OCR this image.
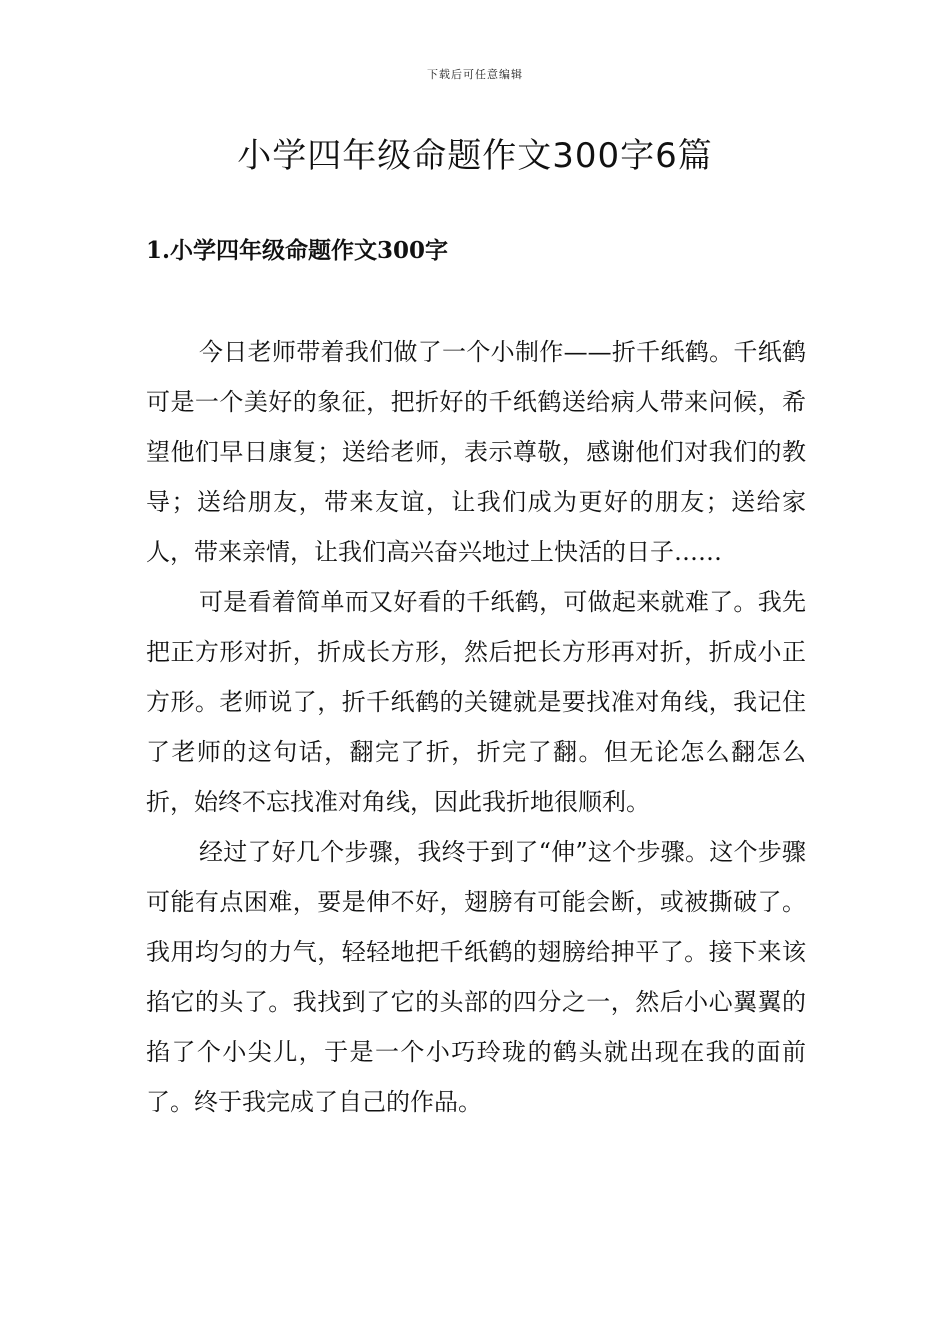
下载后可任意编辑
小学四年级命题作文300字6篇
1.小学四年级命题作文300字

今日老师带着我们做了一个小制作——折千纸鹤。千纸鹤可是一个美好的象征，把折好的千纸鹤送给病人带来问候，希望他们早日康复；送给老师，表示尊敬，感谢他们对我们的教导；送给朋友，带来友谊，让我们成为更好的朋友；送给家人，带来亲情，让我们高兴奋兴地过上快活的日子……

可是看着简单而又好看的千纸鹤，可做起来就难了。我先把正方形对折，折成长方形，然后把长方形再对折，折成小正方形。老师说了，折千纸鹤的关键就是要找准对角线，我记住了老师的这句话，翻完了折，折完了翻。但无论怎么翻怎么折，始终不忘找准对角线，因此我折地很顺利。

经过了好几个步骤，我终于到了“伸”这个步骤。这个步骤可能有点困难，要是伸不好，翅膀有可能会断，或被撕破了。我用均匀的力气，轻轻地把千纸鹤的翅膀给抻平了。接下来该掐它的头了。我找到了它的头部的四分之一，然后小心翼翼的掐了个小尖儿，于是一个小巧玲珑的鹤头就出现在我的面前了。终于我完成了自己的作品。
